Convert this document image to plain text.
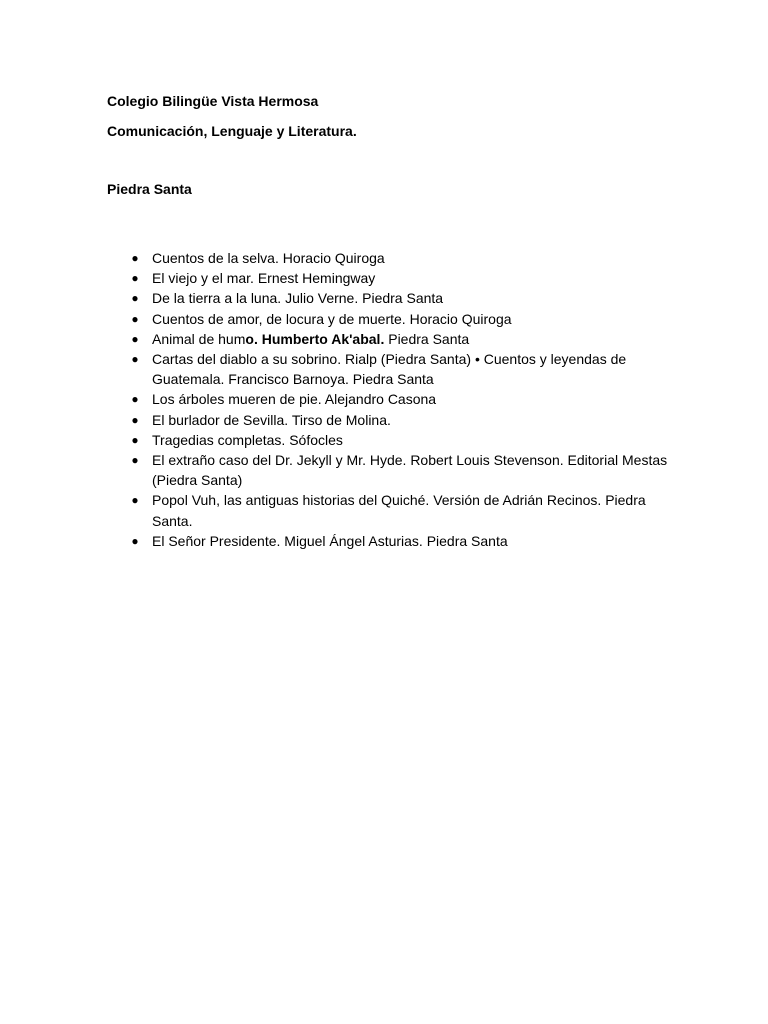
Colegio Bilingüe Vista Hermosa
Comunicación, Lenguaje y Literatura.
Piedra Santa
● Cuentos de la selva. Horacio Quiroga
● El viejo y el mar. Ernest Hemingway
● De la tierra a la luna. Julio Verne. Piedra Santa
● Cuentos de amor, de locura y de muerte. Horacio Quiroga
● Animal de humo. Humberto Ak'abal. Piedra Santa
● Cartas del diablo a su sobrino. Rialp (Piedra Santa) • Cuentos y leyendas de Guatemala. Francisco Barnoya. Piedra Santa
● Los árboles mueren de pie. Alejandro Casona
● El burlador de Sevilla. Tirso de Molina.
● Tragedias completas. Sófocles
● El extraño caso del Dr. Jekyll y Mr. Hyde. Robert Louis Stevenson. Editorial Mestas (Piedra Santa)
● Popol Vuh, las antiguas historias del Quiché. Versión de Adrián Recinos. Piedra Santa.
● El Señor Presidente. Miguel Ángel Asturias. Piedra Santa
